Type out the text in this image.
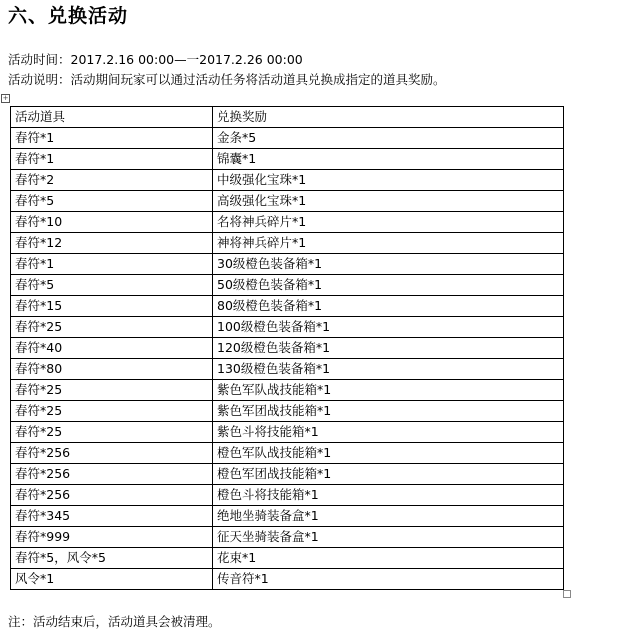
六、兑换活动
活动时间：2017.2.16 00:00—一2017.2.26 00:00
活动说明：活动期间玩家可以通过活动任务将活动道具兑换成指定的道具奖励。
+
活动道具	兑换奖励
春符*1	金条*5
春符*1	锦囊*1
春符*2	中级强化宝珠*1
春符*5	高级强化宝珠*1
春符*10	名将神兵碎片*1
春符*12	神将神兵碎片*1
春符*1	30级橙色装备箱*1
春符*5	50级橙色装备箱*1
春符*15	80级橙色装备箱*1
春符*25	100级橙色装备箱*1
春符*40	120级橙色装备箱*1
春符*80	130级橙色装备箱*1
春符*25	紫色军队战技能箱*1
春符*25	紫色军团战技能箱*1
春符*25	紫色斗将技能箱*1
春符*256	橙色军队战技能箱*1
春符*256	橙色军团战技能箱*1
春符*256	橙色斗将技能箱*1
春符*345	绝地坐骑装备盒*1
春符*999	征天坐骑装备盒*1
春符*5，风令*5	花束*1
风令*1	传音符*1
注：活动结束后，活动道具会被清理。
